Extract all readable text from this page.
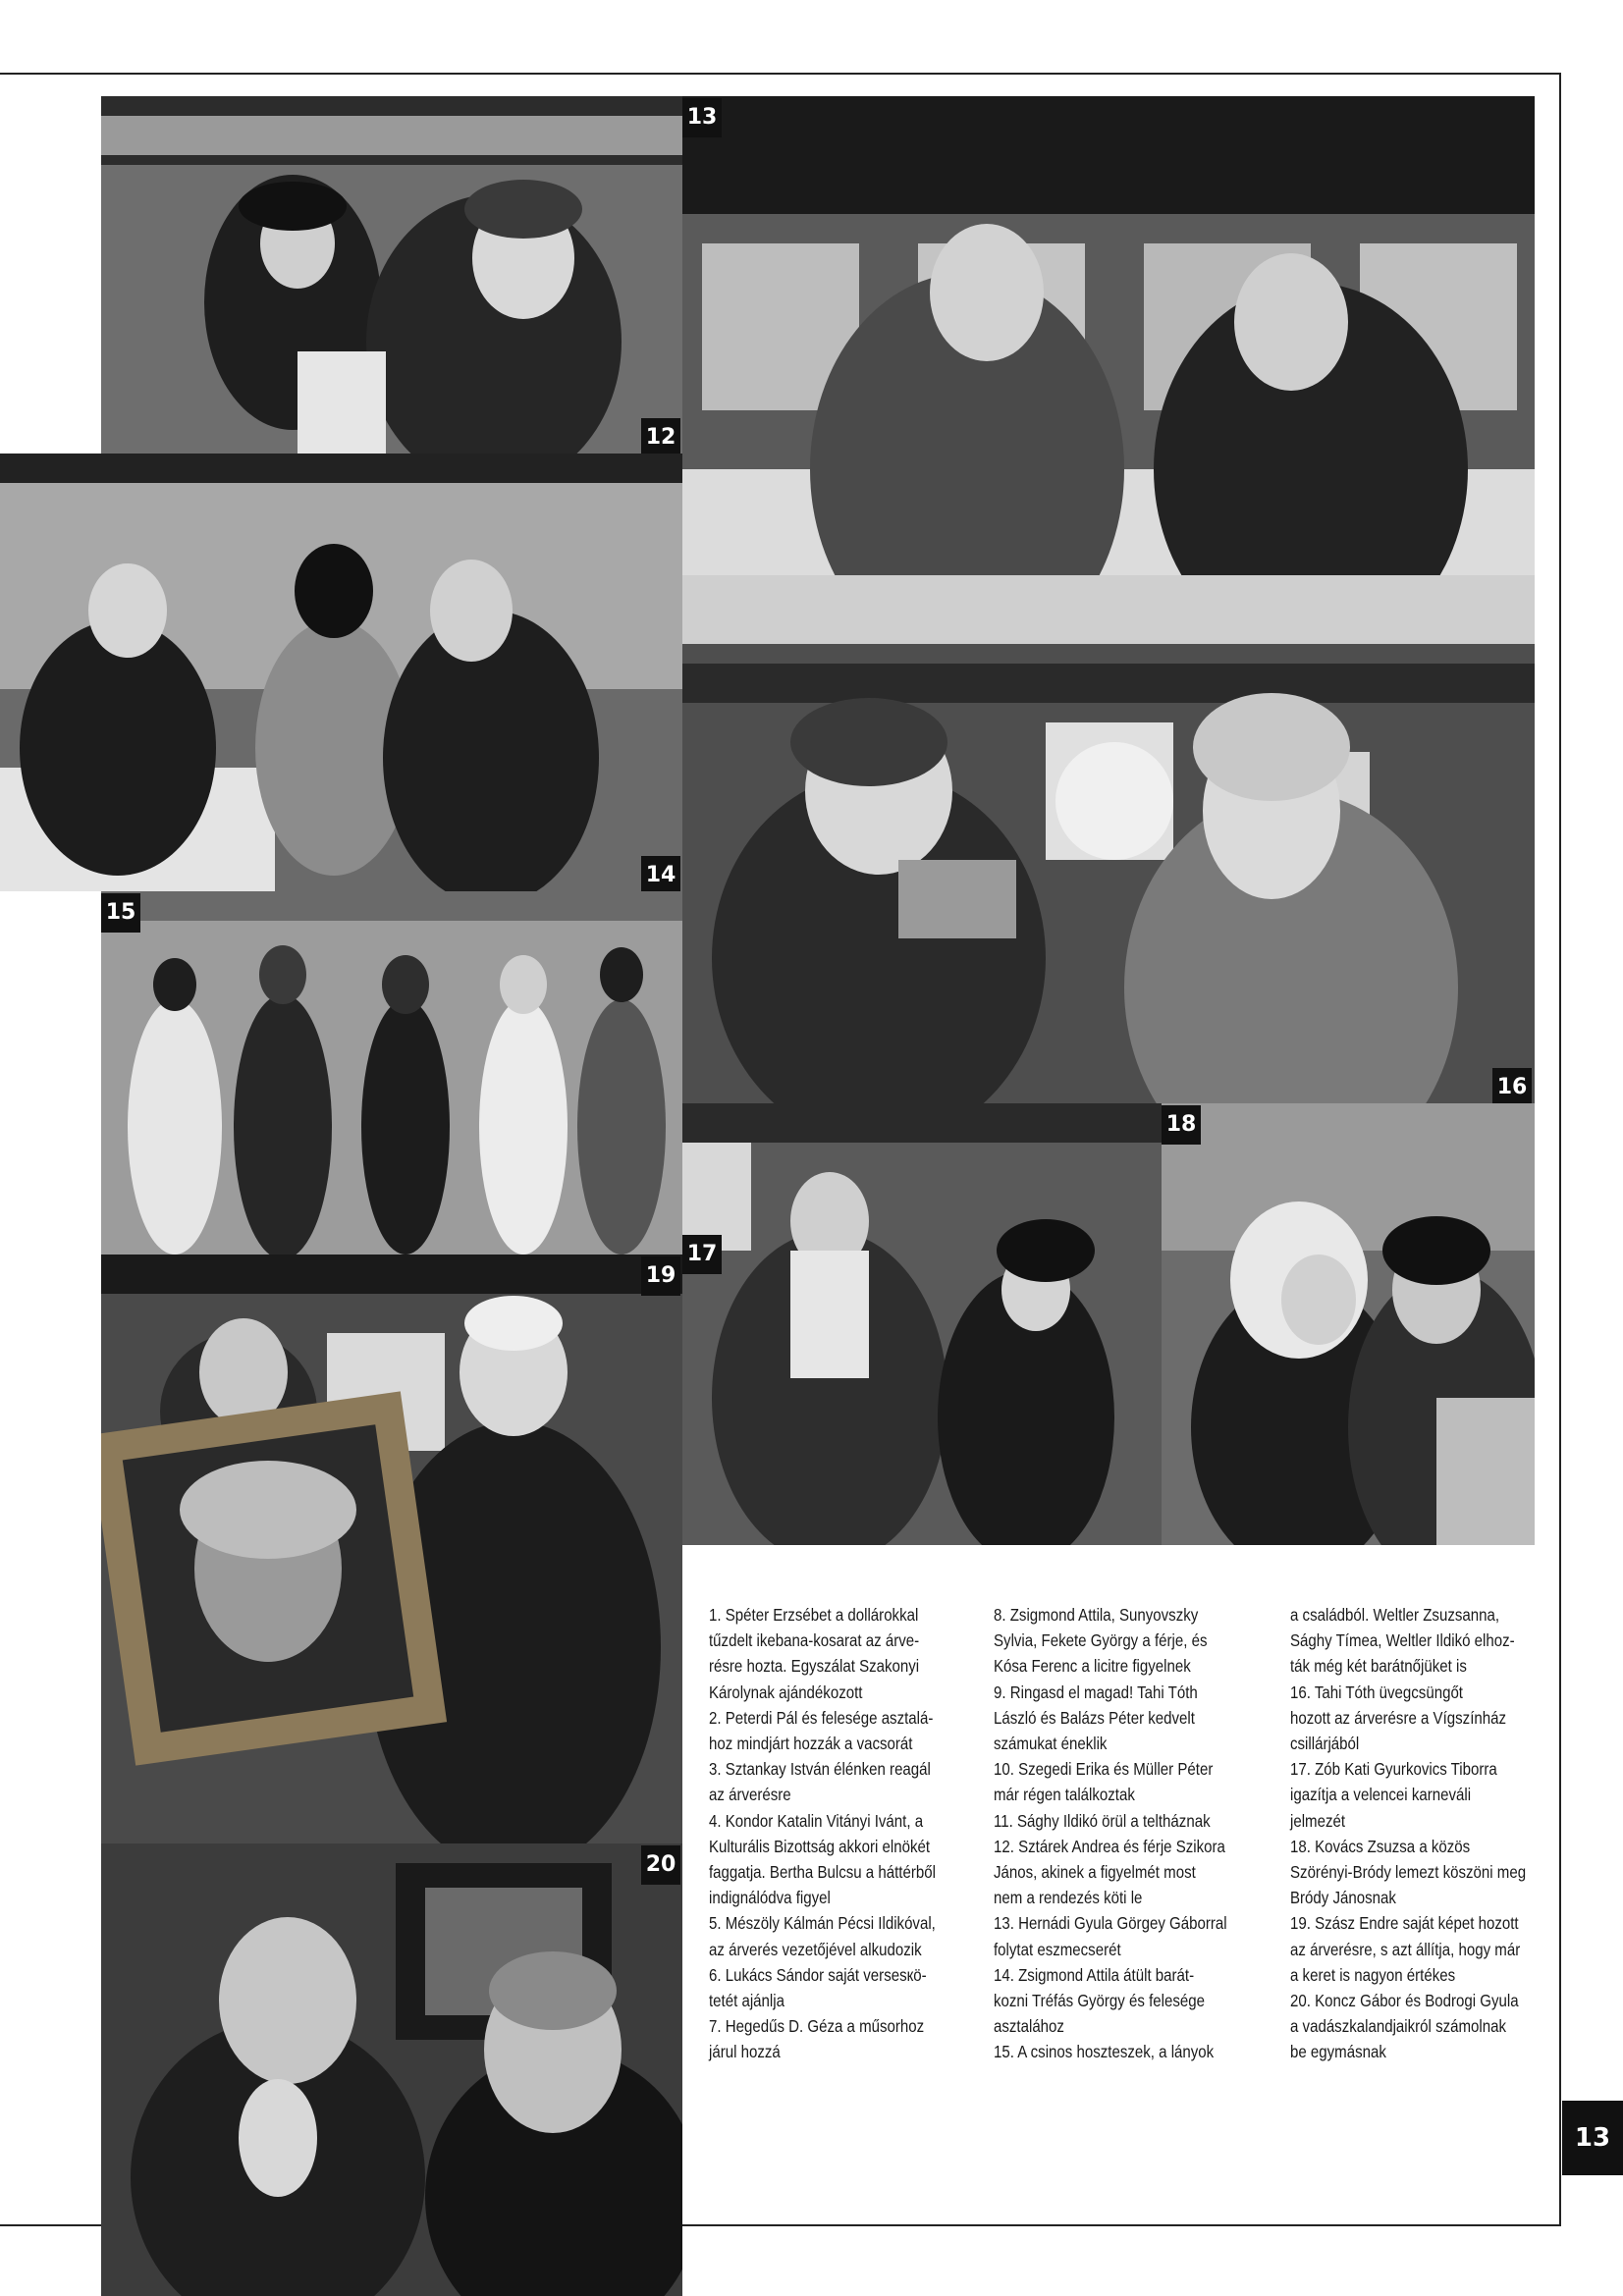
12
13
14
16
15
17
18
19
20
1. Spéter Erzsébet a dollárokkal
tűzdelt ikebana-kosarat az árve-
résre hozta. Egyszálat Szakonyi
Károlynak ajándékozott
2. Peterdi Pál és felesége asztalá-
hoz mindjárt hozzák a vacsorát
3. Sztankay István élénken reagál
az árverésre
4. Kondor Katalin Vitányi Ivánt, a
Kulturális Bizottság akkori elnökét
faggatja. Bertha Bulcsu a háttérből
indignálódva figyel
5. Mészöly Kálmán Pécsi Ildikóval,
az árverés vezetőjével alkudozik
6. Lukács Sándor saját versesкö-
tetét ajánlja
7. Hegedűs D. Géza a műsorhoz
járul hozzá
8. Zsigmond Attila, Sunyovszky
Sylvia, Fekete György a férje, és
Kósa Ferenc a licitre figyelnek
9. Ringasd el magad! Tahi Tóth
László és Balázs Péter kedvelt
számukat éneklik
10. Szegedi Erika és Müller Péter
már régen találkoztak
11. Sághy Ildikó örül a teltháznak
12. Sztárek Andrea és férje Szikora
János, akinek a figyelmét most
nem a rendezés köti le
13. Hernádi Gyula Görgey Gáborral
folytat eszmecserét
14. Zsigmond Attila átült barát-
kozni Tréfás György és felesége
asztalához
15. A csinos hoszteszek, a lányok
a családból. Weltler Zsuzsanna,
Sághy Tímea, Weltler Ildikó elhoz-
ták még két barátnőjüket is
16. Tahi Tóth üvegcsüngőt
hozott az árverésre a Vígszínház
csillárjából
17. Zób Kati Gyurkovics Tiborra
igazítja a velencei karneváli
jelmezét
18. Kovács Zsuzsa a közös
Szörényi-Bródy lemezt köszöni meg
Bródy Jánosnak
19. Szász Endre saját képet hozott
az árverésre, s azt állítja, hogy már
a keret is nagyon értékes
20. Koncz Gábor és Bodrogi Gyula
a vadászkalandjaikról számolnak
be egymásnak
13
